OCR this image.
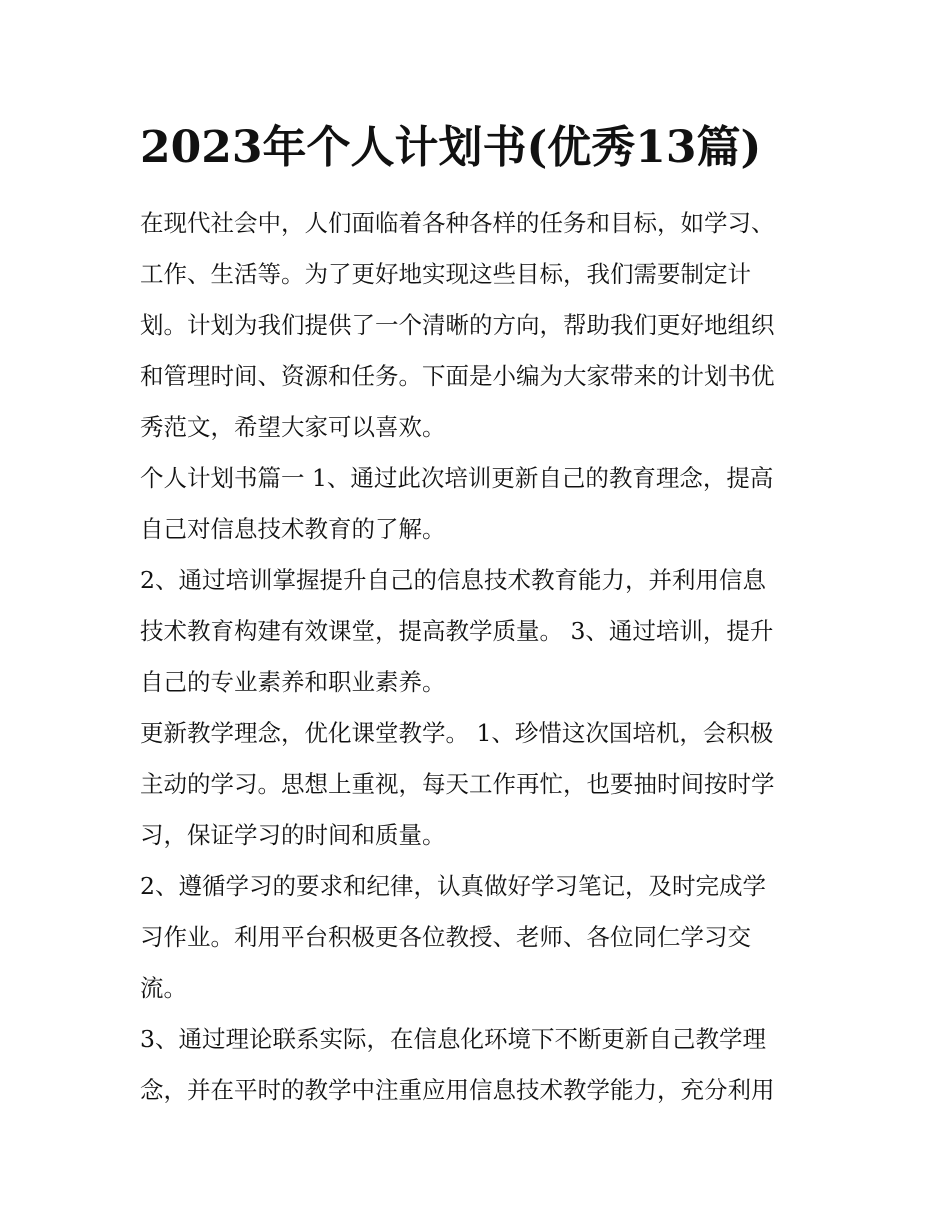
2023年个人计划书(优秀13篇)

在现代社会中，人们面临着各种各样的任务和目标，如学习、
工作、生活等。为了更好地实现这些目标，我们需要制定计
划。计划为我们提供了一个清晰的方向，帮助我们更好地组织
和管理时间、资源和任务。下面是小编为大家带来的计划书优
秀范文，希望大家可以喜欢。

个人计划书篇一 1、通过此次培训更新自己的教育理念，提高
自己对信息技术教育的了解。

2、通过培训掌握提升自己的信息技术教育能力，并利用信息
技术教育构建有效课堂，提高教学质量。 3、通过培训，提升
自己的专业素养和职业素养。

更新教学理念，优化课堂教学。 1、珍惜这次国培机，会积极
主动的学习。思想上重视，每天工作再忙，也要抽时间按时学
习，保证学习的时间和质量。

2、遵循学习的要求和纪律，认真做好学习笔记，及时完成学
习作业。利用平台积极更各位教授、老师、各位同仁学习交
流。

3、通过理论联系实际，在信息化环境下不断更新自己教学理
念，并在平时的教学中注重应用信息技术教学能力，充分利用
